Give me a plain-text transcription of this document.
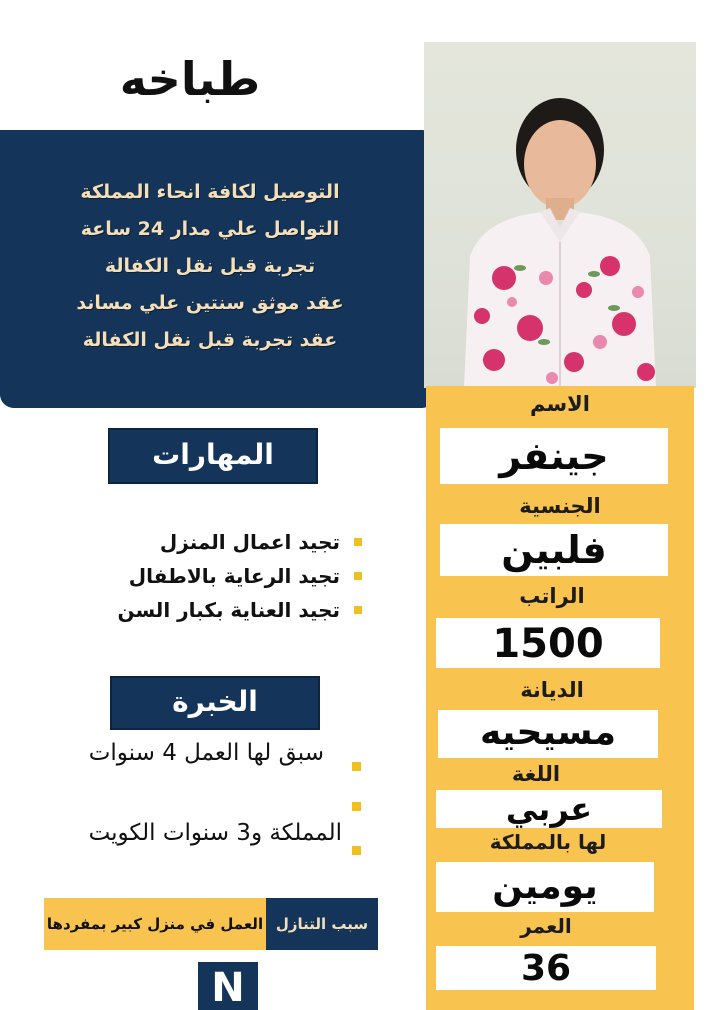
طباخه
التوصيل لكافة انحاء المملكة
التواصل علي مدار 24 ساعة
تجربة قبل نقل الكفالة
عقد موثق سنتين علي مساند
عقد تجربة قبل نقل الكفالة
الاسم
جينفر
الجنسية
فلبين
الراتب
1500
الديانة
مسيحيه
اللغة
عربي
لها بالمملكة
يومين
العمر
36
المهارات
تجيد اعمال المنزل
تجيد الرعاية بالاطفال
تجيد العناية بكبار السن
الخبرة
سبق لها العمل 4 سنوات
المملكة و3 سنوات الكويت
سبب التنازل
العمل في منزل كبير بمفردها
N
